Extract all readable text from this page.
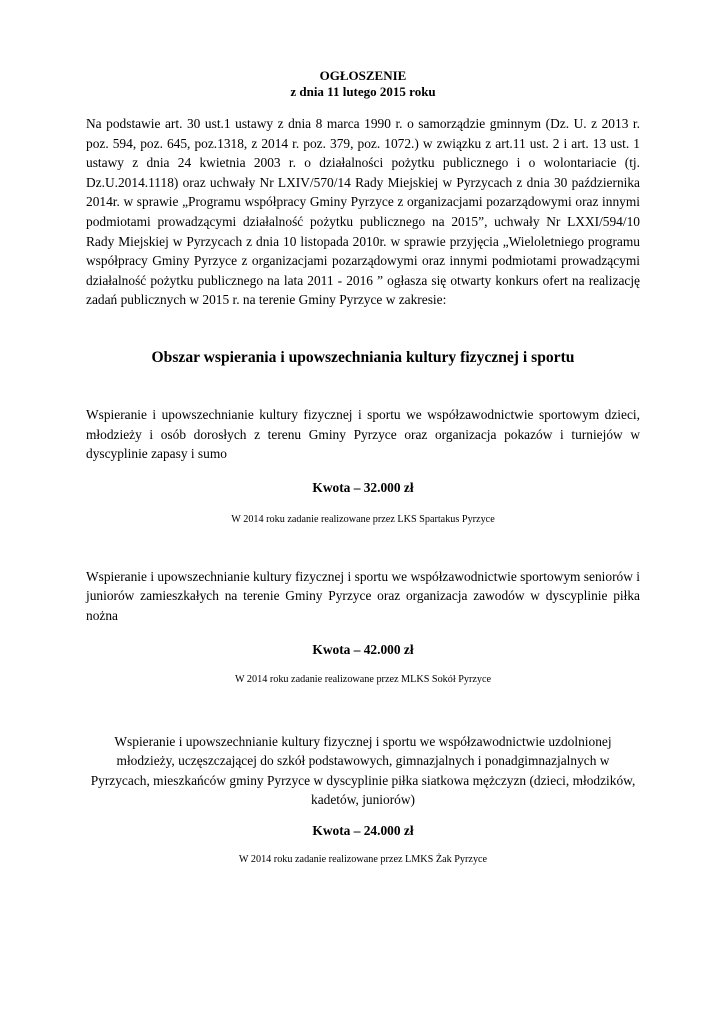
OGŁOSZENIE
z dnia 11 lutego 2015 roku
Na podstawie art. 30 ust.1 ustawy z dnia 8 marca 1990 r. o samorządzie gminnym (Dz. U. z 2013 r. poz. 594, poz. 645, poz.1318, z 2014 r. poz. 379, poz. 1072.) w związku z art.11 ust. 2 i art. 13 ust. 1 ustawy z dnia 24 kwietnia 2003 r. o działalności pożytku publicznego i o wolontariacie (tj. Dz.U.2014.1118) oraz uchwały Nr LXIV/570/14 Rady Miejskiej w Pyrzycach z dnia 30 października 2014r. w sprawie „Programu współpracy Gminy Pyrzyce z organizacjami pozarządowymi oraz innymi podmiotami prowadzącymi działalność pożytku publicznego na 2015”, uchwały Nr LXXI/594/10 Rady Miejskiej w Pyrzycach z dnia 10 listopada 2010r. w sprawie przyjęcia „Wieloletniego programu współpracy Gminy Pyrzyce z organizacjami pozarządowymi oraz innymi podmiotami prowadzącymi działalność pożytku publicznego na lata 2011 - 2016 ” ogłasza się otwarty konkurs ofert na realizację zadań publicznych w 2015 r. na terenie Gminy Pyrzyce w zakresie:
Obszar wspierania i upowszechniania kultury fizycznej i sportu
Wspieranie i upowszechnianie kultury fizycznej i sportu we współzawodnictwie sportowym dzieci, młodzieży i osób dorosłych z terenu Gminy Pyrzyce oraz organizacja pokazów i turniejów w dyscyplinie zapasy i sumo
Kwota – 32.000 zł
W 2014 roku zadanie realizowane przez LKS Spartakus Pyrzyce
Wspieranie i upowszechnianie kultury fizycznej i sportu we współzawodnictwie sportowym seniorów i juniorów zamieszkałych na terenie Gminy Pyrzyce oraz organizacja zawodów w dyscyplinie piłka nożna
Kwota – 42.000 zł
W 2014 roku zadanie realizowane przez MLKS Sokół Pyrzyce
Wspieranie i upowszechnianie kultury fizycznej i sportu we współzawodnictwie uzdolnionej młodzieży, uczęszczającej do szkół podstawowych, gimnazjalnych i ponadgimnazjalnych w Pyrzycach, mieszkańców gminy Pyrzyce w dyscyplinie piłka siatkowa mężczyzn (dzieci, młodzików, kadetów, juniorów)
Kwota – 24.000 zł
W 2014 roku zadanie realizowane przez LMKS Żak Pyrzyce
